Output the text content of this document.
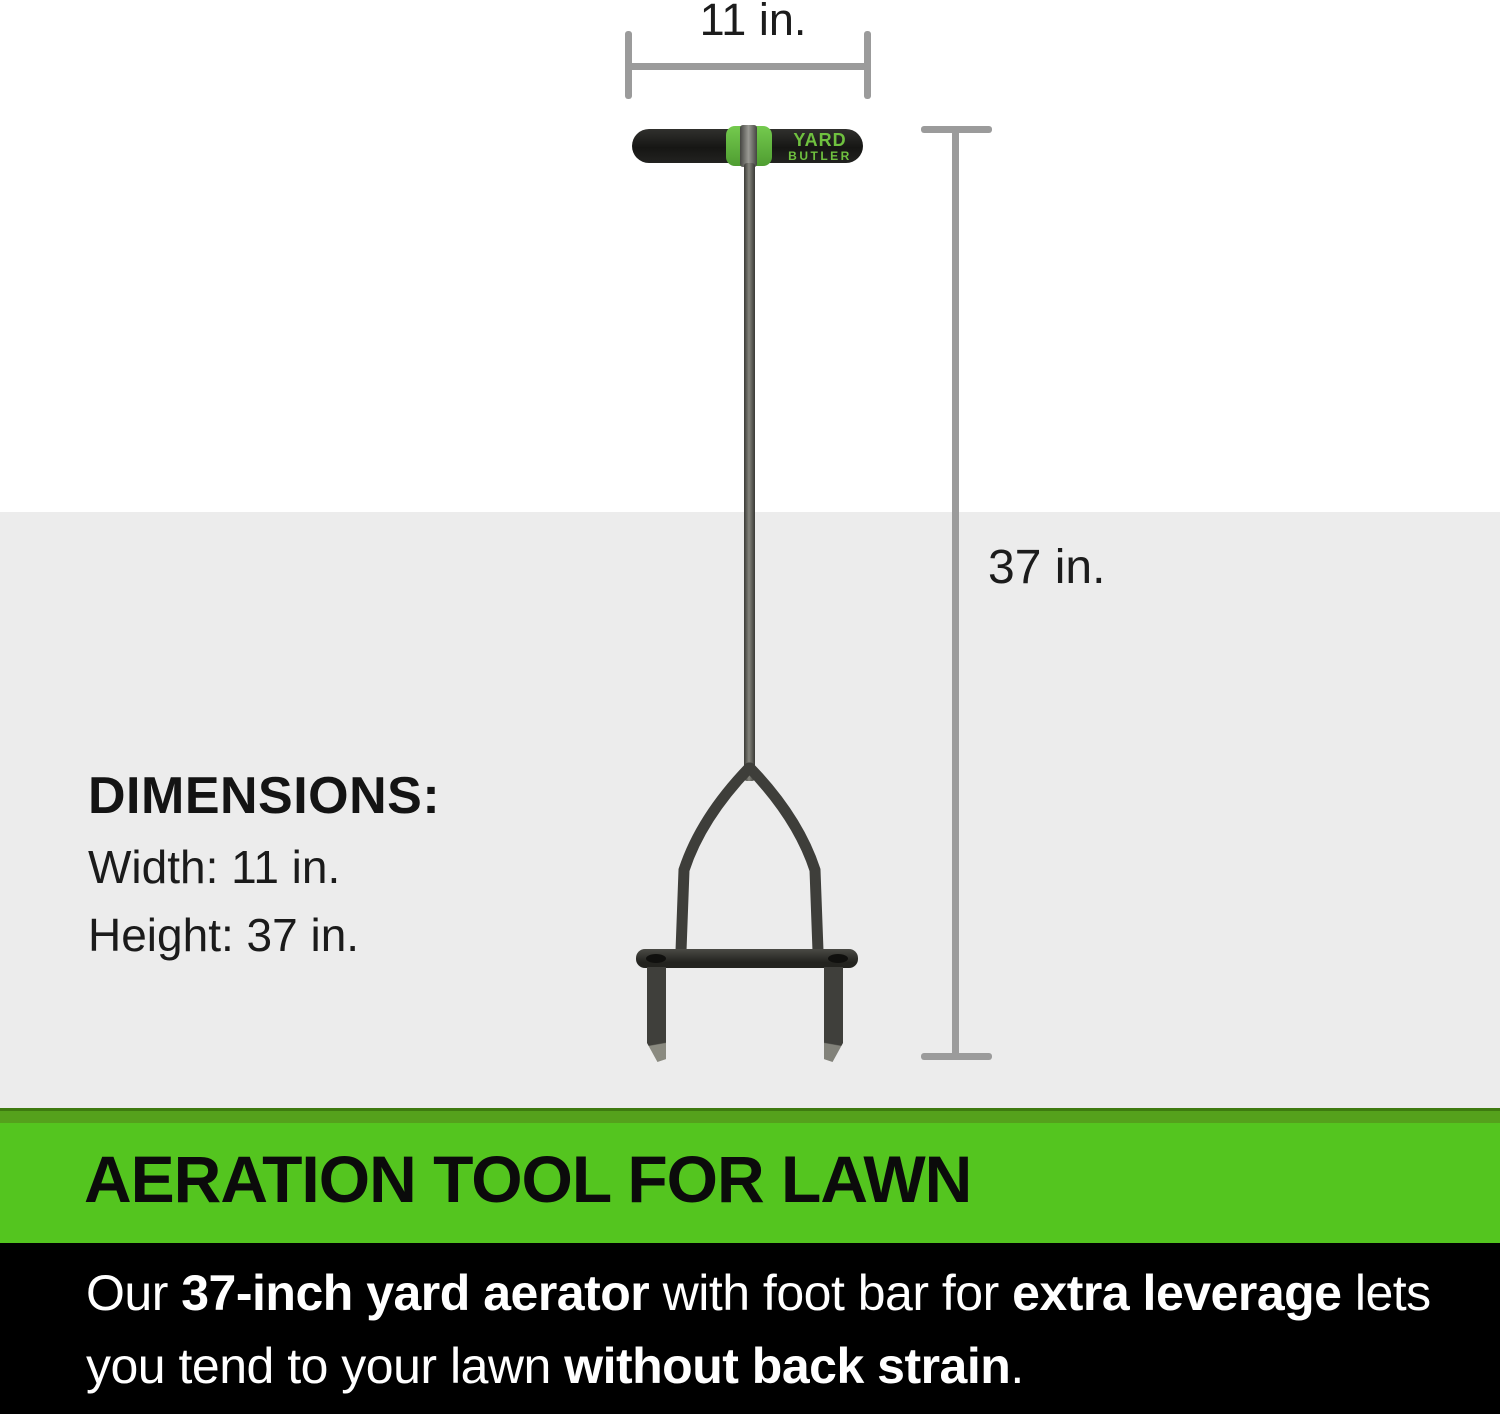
11 in.
37 in.
YARD
BUTLER
DIMENSIONS:
Width: 11 in.
Height: 37 in.
AERATION TOOL FOR LAWN
Our 37-inch yard aerator with foot bar for extra leverage lets
you tend to your lawn without back strain.
